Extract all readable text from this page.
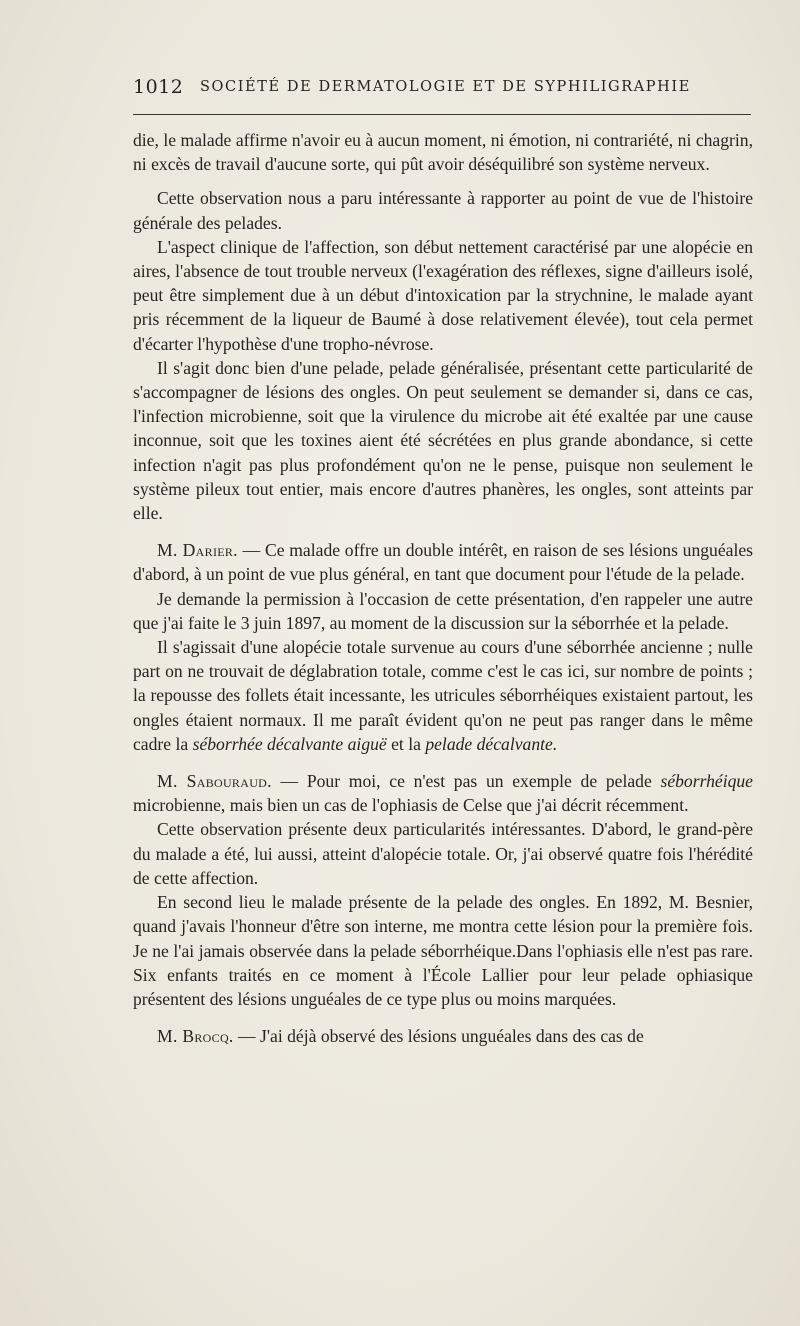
1012 SOCIÉTÉ DE DERMATOLOGIE ET DE SYPHILIGRAPHIE

die, le malade affirme n'avoir eu à aucun moment, ni émotion, ni contrariété, ni chagrin, ni excès de travail d'aucune sorte, qui pût avoir déséquilibré son système nerveux.

Cette observation nous a paru intéressante à rapporter au point de vue de l'histoire générale des pelades.

L'aspect clinique de l'affection, son début nettement caractérisé par une alopécie en aires, l'absence de tout trouble nerveux (l'exagération des réflexes, signe d'ailleurs isolé, peut être simplement due à un début d'intoxication par la strychnine, le malade ayant pris récemment de la liqueur de Baumé à dose relativement élevée), tout cela permet d'écarter l'hypothèse d'une tropho-névrose.

Il s'agit donc bien d'une pelade, pelade généralisée, présentant cette particularité de s'accompagner de lésions des ongles. On peut seulement se demander si, dans ce cas, l'infection microbienne, soit que la virulence du microbe ait été exaltée par une cause inconnue, soit que les toxines aient été sécrétées en plus grande abondance, si cette infection n'agit pas plus profondément qu'on ne le pense, puisque non seulement le système pileux tout entier, mais encore d'autres phanères, les ongles, sont atteints par elle.

M. Darier. — Ce malade offre un double intérêt, en raison de ses lésions unguéales d'abord, à un point de vue plus général, en tant que document pour l'étude de la pelade.

Je demande la permission à l'occasion de cette présentation, d'en rappeler une autre que j'ai faite le 3 juin 1897, au moment de la discussion sur la séborrhée et la pelade.

Il s'agissait d'une alopécie totale survenue au cours d'une séborrhée ancienne ; nulle part on ne trouvait de déglabration totale, comme c'est le cas ici, sur nombre de points ; la repousse des follets était incessante, les utricules séborrhéiques existaient partout, les ongles étaient normaux. Il me paraît évident qu'on ne peut pas ranger dans le même cadre la séborrhée décalvante aiguë et la pelade décalvante.

M. Sabouraud. — Pour moi, ce n'est pas un exemple de pelade séborrhéique microbienne, mais bien un cas de l'ophiasis de Celse que j'ai décrit récemment.

Cette observation présente deux particularités intéressantes. D'abord, le grand-père du malade a été, lui aussi, atteint d'alopécie totale. Or, j'ai observé quatre fois l'hérédité de cette affection.

En second lieu le malade présente de la pelade des ongles. En 1892, M. Besnier, quand j'avais l'honneur d'être son interne, me montra cette lésion pour la première fois. Je ne l'ai jamais observée dans la pelade séborrhéique.Dans l'ophiasis elle n'est pas rare. Six enfants traités en ce moment à l'École Lallier pour leur pelade ophiasique présentent des lésions unguéales de ce type plus ou moins marquées.

M. Brocq. — J'ai déjà observé des lésions unguéales dans des cas de
